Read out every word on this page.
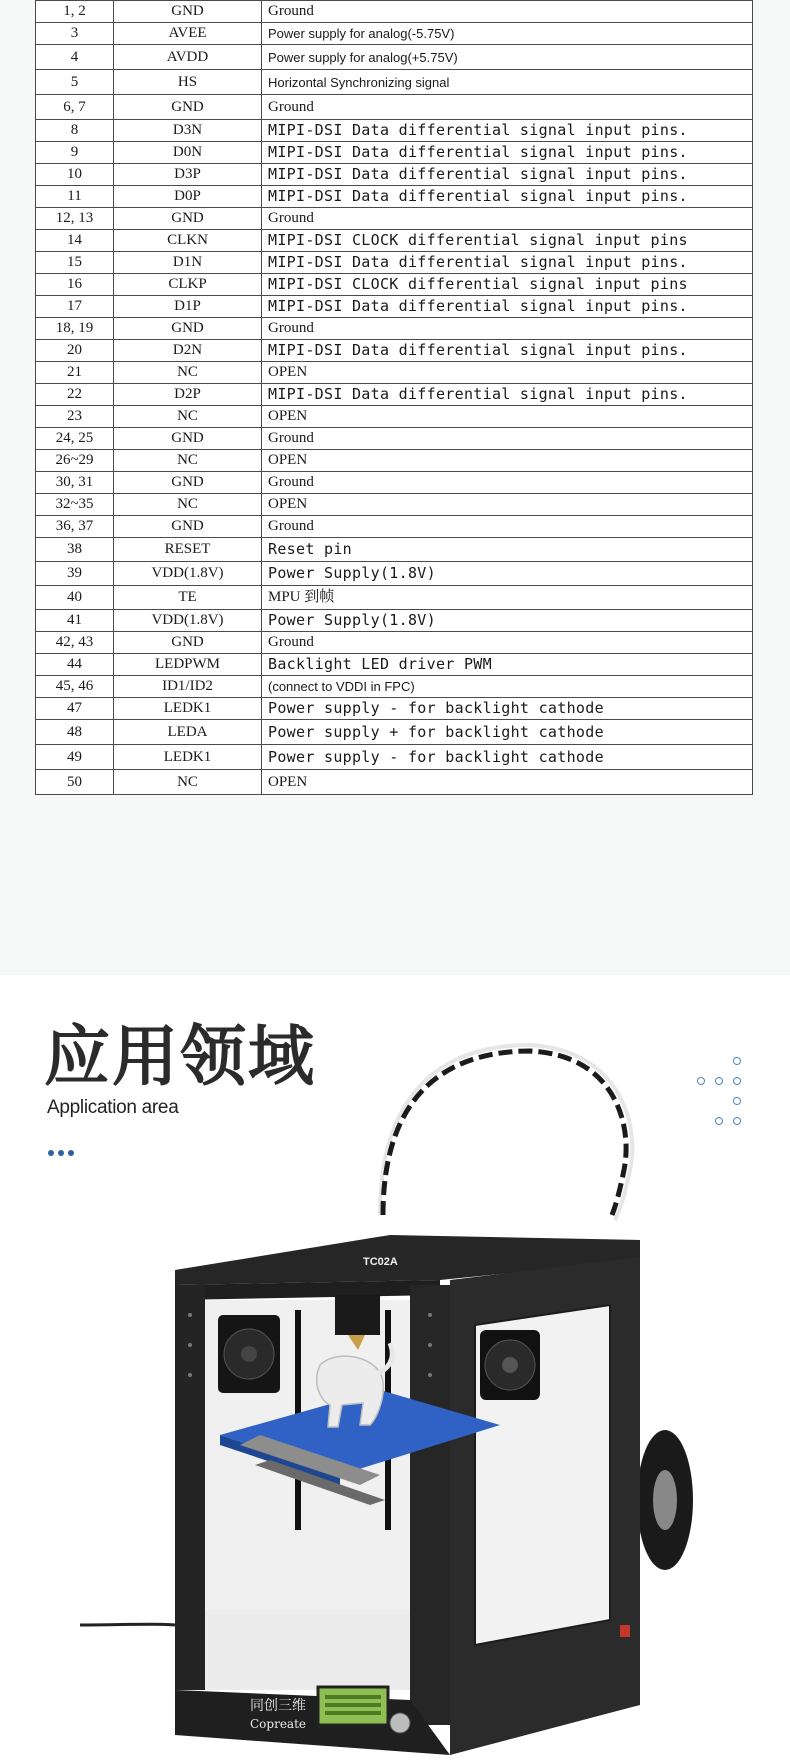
1, 2	GND	Ground
3	AVEE	Power supply for analog(-5.75V)
4	AVDD	Power supply for analog(+5.75V)
5	HS	Horizontal Synchronizing signal
6, 7	GND	Ground
8	D3N	MIPI-DSI Data differential signal input pins.
9	D0N	MIPI-DSI Data differential signal input pins.
10	D3P	MIPI-DSI Data differential signal input pins.
11	D0P	MIPI-DSI Data differential signal input pins.
12, 13	GND	Ground
14	CLKN	MIPI-DSI CLOCK differential signal input pins
15	D1N	MIPI-DSI Data differential signal input pins.
16	CLKP	MIPI-DSI CLOCK differential signal input pins
17	D1P	MIPI-DSI Data differential signal input pins.
18, 19	GND	Ground
20	D2N	MIPI-DSI Data differential signal input pins.
21	NC	OPEN
22	D2P	MIPI-DSI Data differential signal input pins.
23	NC	OPEN
24, 25	GND	Ground
26~29	NC	OPEN
30, 31	GND	Ground
32~35	NC	OPEN
36, 37	GND	Ground
38	RESET	Reset pin
39	VDD(1.8V)	Power Supply(1.8V)
40	TE	MPU 到帧
41	VDD(1.8V)	Power Supply(1.8V)
42, 43	GND	Ground
44	LEDPWM	Backlight LED driver PWM
45, 46	ID1/ID2	(connect to VDDI in FPC)
47	LEDK1	Power supply - for backlight cathode
48	LEDA	Power supply + for backlight cathode
49	LEDK1	Power supply - for backlight cathode
50	NC	OPEN
应用领域
Application area
同创三维
Copreate
TC02A
